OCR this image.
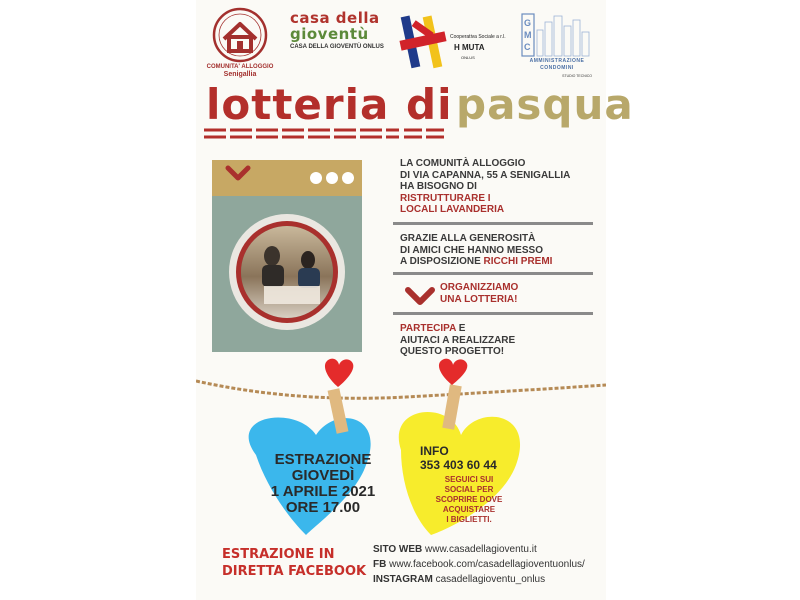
COMUNITA' ALLOGGIO
Senigallia
casa della
gioventù
CASA DELLA GIOVENTÙ ONLUS
Cooperativa Sociale a r.l.
H MUTA
ONLUS
G
M
C
AMMINISTRAZIONE
CONDOMINI
STUDIO TECNICO
lotteria di pasqua
LA COMUNITÀ ALLOGGIO
DI VIA CAPANNA, 55 A SENIGALLIA
HA BISOGNO DI
RISTRUTTURARE I
LOCALI LAVANDERIA
GRAZIE ALLA GENEROSITÀ
DI AMICI CHE HANNO MESSO
A DISPOSIZIONE RICCHI PREMI
ORGANIZZIAMO
UNA LOTTERIA!
PARTECIPA E
AIUTACI A REALIZZARE
QUESTO PROGETTO!
ESTRAZIONE
GIOVEDÌ
1 APRILE 2021
ORE 17.00
INFO
353 403 60 44
SEGUICI SUI
SOCIAL PER
SCOPRIRE DOVE
ACQUISTARE
I BIGLIETTI.
ESTRAZIONE IN
DIRETTA FACEBOOK
SITO WEB www.casadellagioventu.it
FB www.facebook.com/casadellagioventuonlus/
INSTAGRAM casadellagioventu_onlus
